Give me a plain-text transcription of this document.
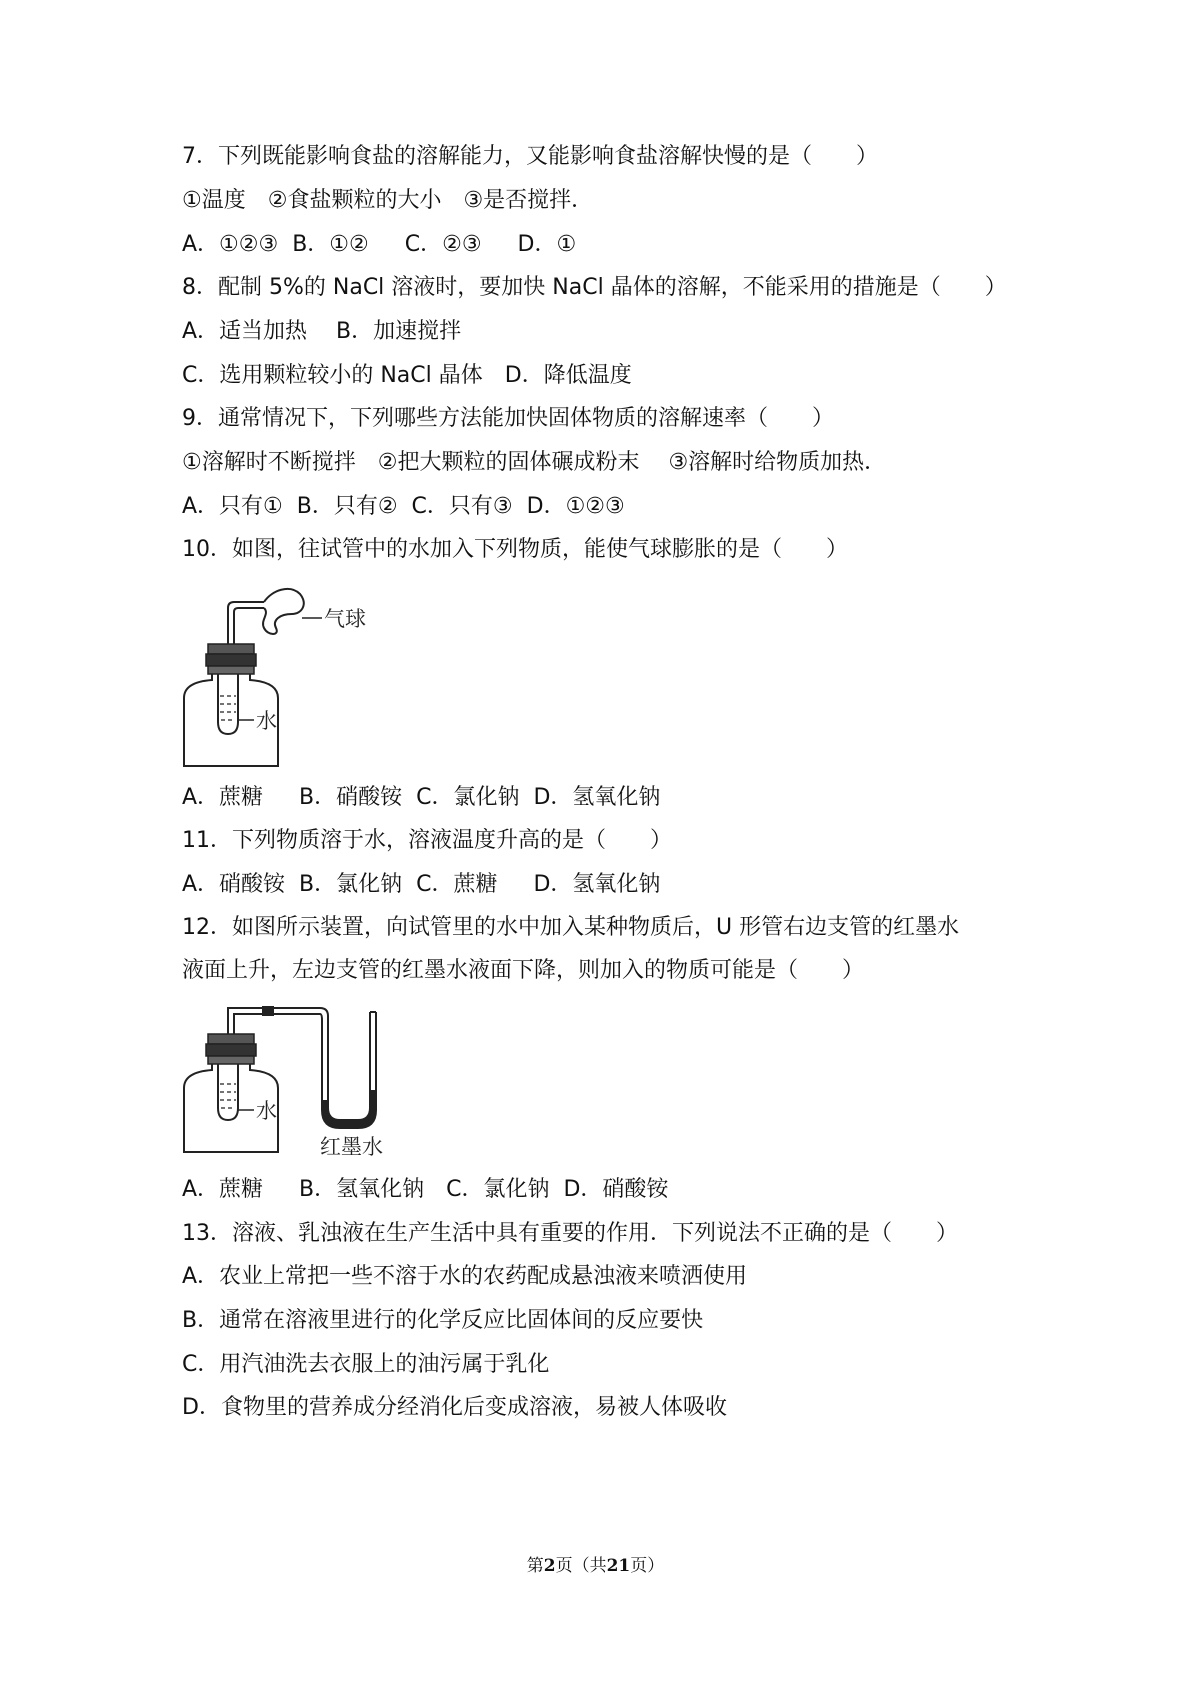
7．下列既能影响食盐的溶解能力，又能影响食盐溶解快慢的是（　　）
①温度　②食盐颗粒的大小　③是否搅拌．
A．①②③  B．①②　  C．②③　  D．①
8．配制 5%的 NaCl 溶液时，要加快 NaCl 晶体的溶解，不能采用的措施是（　　）
A．适当加热　 B．加速搅拌
C．选用颗粒较小的 NaCl 晶体　D．降低温度
9．通常情况下，下列哪些方法能加快固体物质的溶解速率（　　）
①溶解时不断搅拌　②把大颗粒的固体碾成粉末　 ③溶解时给物质加热．
A．只有①  B．只有②  C．只有③  D．①②③
10．如图，往试管中的水加入下列物质，能使气球膨胀的是（　　）
气球
水
A．蔗糖　  B．硝酸铵  C．氯化钠  D．氢氧化钠
11．下列物质溶于水，溶液温度升高的是（　　）
A．硝酸铵  B．氯化钠  C．蔗糖　  D．氢氧化钠
12．如图所示装置，向试管里的水中加入某种物质后，U 形管右边支管的红墨水
液面上升，左边支管的红墨水液面下降，则加入的物质可能是（　　）
水
红墨水
A．蔗糖　  B．氢氧化钠　C．氯化钠  D．硝酸铵
13．溶液、乳浊液在生产生活中具有重要的作用．下列说法不正确的是（　　）
A．农业上常把一些不溶于水的农药配成悬浊液来喷洒使用
B．通常在溶液里进行的化学反应比固体间的反应要快
C．用汽油洗去衣服上的油污属于乳化
D．食物里的营养成分经消化后变成溶液，易被人体吸收
第2页（共21页）
